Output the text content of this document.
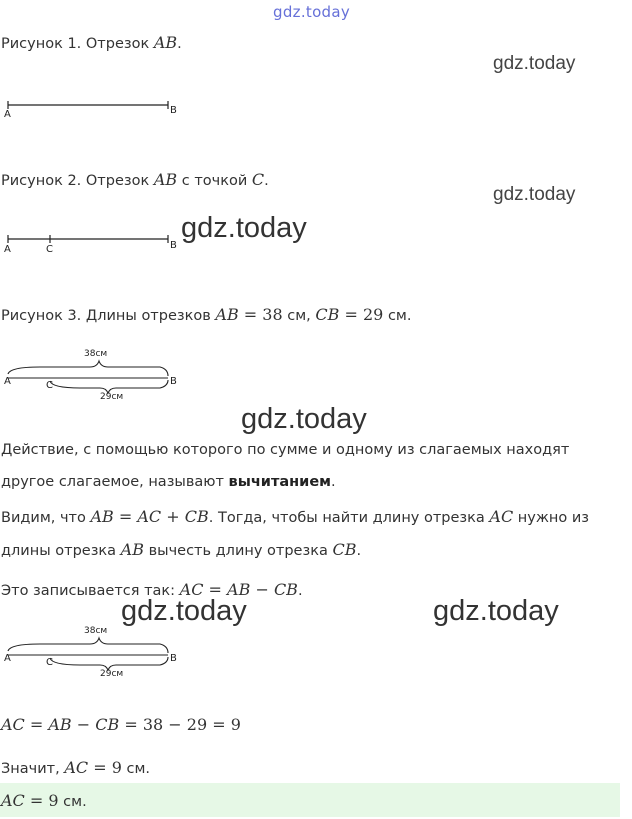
gdz.today
Рисунок 1. Отрезок AB.
gdz.today
A	B
Рисунок 2. Отрезок AB с точкой C.
gdz.today
A	C	B
gdz.today
Рисунок 3. Длины отрезков AB = 38 см, CB = 29 см.
38см
29см
A	C	B
gdz.today
Действие, с помощью которого по сумме и одному из слагаемых находят
другое слагаемое, называют вычитанием.
Видим, что AB = AC + CB. Тогда, чтобы найти длину отрезка AC нужно из
длины отрезка AB вычесть длину отрезка CB.
Это записывается так: AC = AB − CB.
gdz.today	gdz.today
38см
29см
A	C	B
AC = AB − CB = 38 − 29 = 9
Значит, AC = 9 см.
AC = 9 см.
